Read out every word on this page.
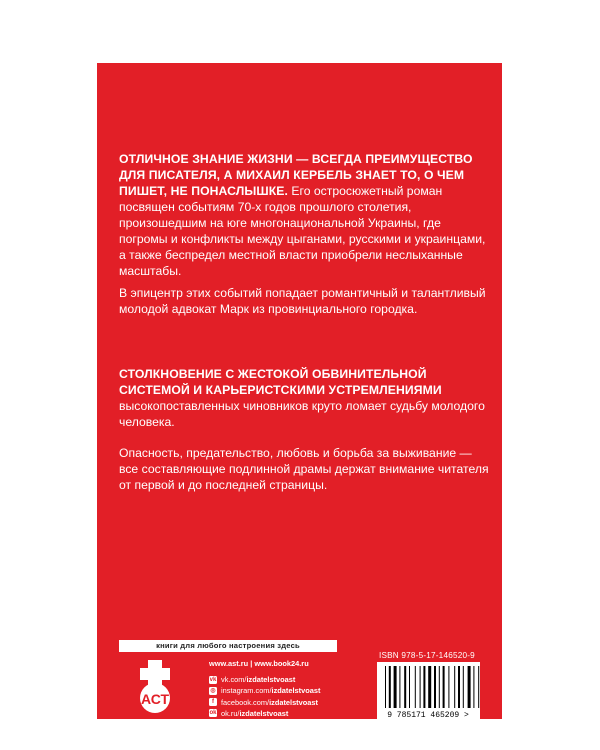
ОТЛИЧНОЕ ЗНАНИЕ ЖИЗНИ — ВСЕГДА ПРЕИМУЩЕСТВО ДЛЯ ПИСАТЕЛЯ, А МИХАИЛ КЕРБЕЛЬ ЗНАЕТ ТО, О ЧЕМ ПИШЕТ, НЕ ПОНАСЛЫШКЕ. Его остросюжетный роман посвящен событиям 70-х годов прошлого столетия, произошедшим на юге многонациональной Украины, где погромы и конфликты между цыганами, русскими и украинцами, а также беспредел местной власти приобрели неслыханные масштабы.
В эпицентр этих событий попадает романтичный и талантливый молодой адвокат Марк из провинциального городка.
СТОЛКНОВЕНИЕ С ЖЕСТОКОЙ ОБВИНИТЕЛЬНОЙ СИСТЕМОЙ И КАРЬЕРИСТСКИМИ УСТРЕМЛЕНИЯМИ высокопоставленных чиновников круто ломает судьбу молодого человека.
Опасность, предательство, любовь и борьба за выживание — все составляющие подлинной драмы держат внимание читателя от первой и до последней страницы.
книги для любого настроения здесь
АСТ
ИЗДАТЕЛЬСКАЯ ГРУППА АСТ
www.ast.ru | www.book24.ru
vk vk.com/ izdatelstvoast
◎ instagram.com/ izdatelstvoast
f facebook.com/ izdatelstvoast
ok ok.ru/ izdatelstvoast
ISBN 978-5-17-146520-9
9 785171 465209 >
